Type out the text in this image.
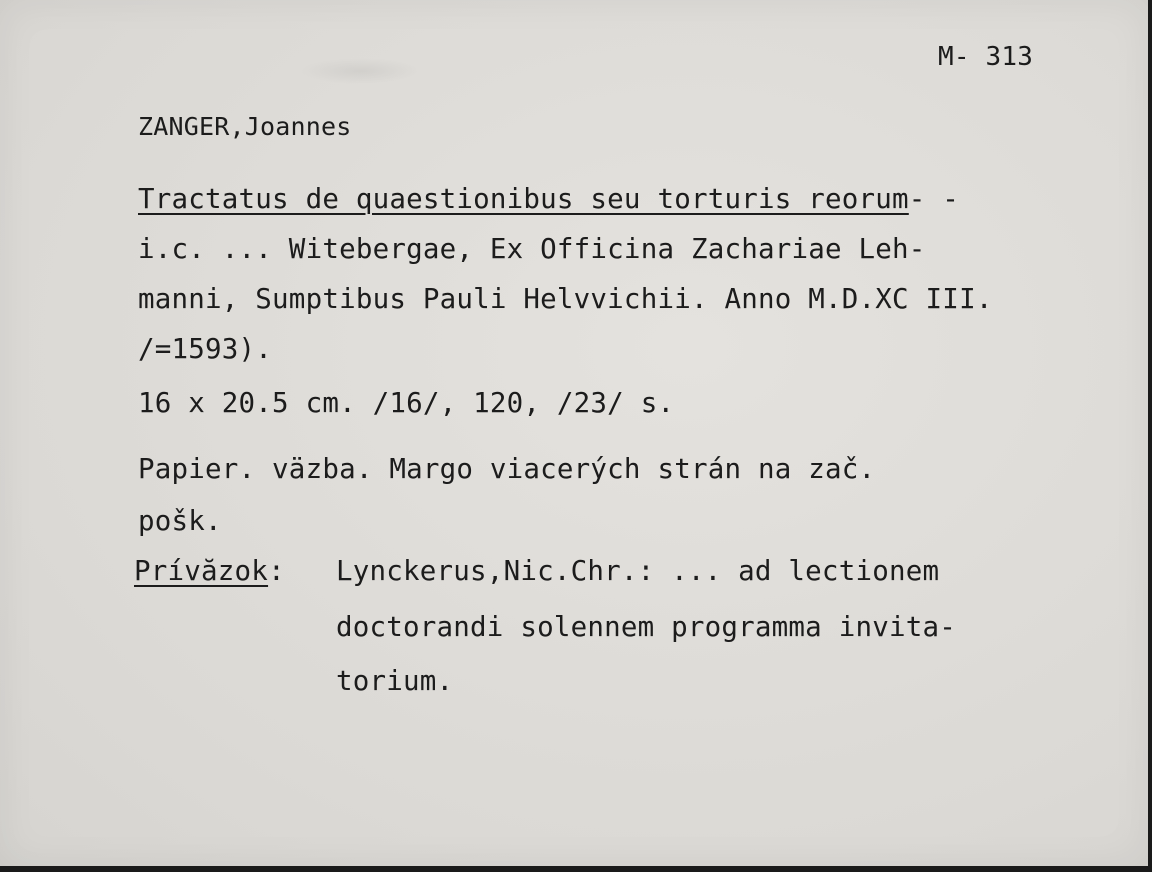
M- 313
ZANGER,Joannes
Tractatus de quaestionibus seu torturis reorum- -
i.c. ... Witebergae, Ex Officina Zachariae Leh-
manni, Sumptibus Pauli Helvvichii. Anno M.D.XC III.
/=1593).
16 x 20.5 cm. /16/, 120, /23/ s.
Papier. väzba. Margo viacerých strán na zač.
pošk.
Prívăzok: Lynckerus,Nic.Chr.: ... ad lectionem
doctorandi solennem programma invita-
torium.
